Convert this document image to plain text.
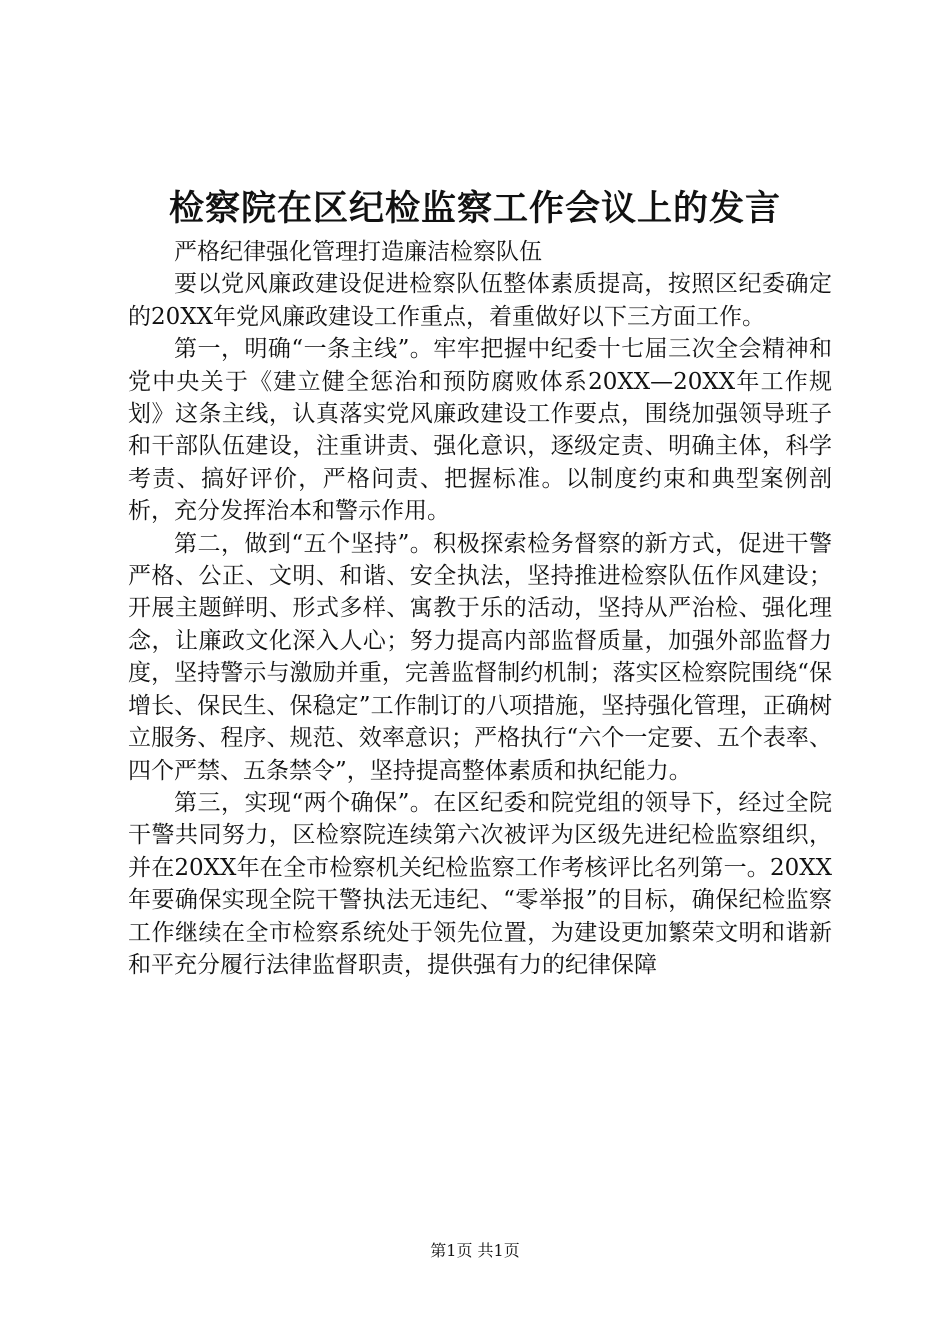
检察院在区纪检监察工作会议上的发言

严格纪律强化管理打造廉洁检察队伍

要以党风廉政建设促进检察队伍整体素质提高，按照区纪委确定的20XX年党风廉政建设工作重点，着重做好以下三方面工作。

第一，明确“一条主线”。牢牢把握中纪委十七届三次全会精神和党中央关于《建立健全惩治和预防腐败体系20XX—20XX年工作规划》这条主线，认真落实党风廉政建设工作要点，围绕加强领导班子和干部队伍建设，注重讲责、强化意识，逐级定责、明确主体，科学考责、搞好评价，严格问责、把握标准。以制度约束和典型案例剖析，充分发挥治本和警示作用。

第二，做到“五个坚持”。积极探索检务督察的新方式，促进干警严格、公正、文明、和谐、安全执法，坚持推进检察队伍作风建设；开展主题鲜明、形式多样、寓教于乐的活动，坚持从严治检、强化理念，让廉政文化深入人心；努力提高内部监督质量，加强外部监督力度，坚持警示与激励并重，完善监督制约机制；落实区检察院围绕“保增长、保民生、保稳定”工作制订的八项措施，坚持强化管理，正确树立服务、程序、规范、效率意识；严格执行“六个一定要、五个表率、四个严禁、五条禁令”，坚持提高整体素质和执纪能力。

第三，实现“两个确保”。在区纪委和院党组的领导下，经过全院干警共同努力，区检察院连续第六次被评为区级先进纪检监察组织，并在20XX年在全市检察机关纪检监察工作考核评比名列第一。20XX年要确保实现全院干警执法无违纪、“零举报”的目标，确保纪检监察工作继续在全市检察系统处于领先位置，为建设更加繁荣文明和谐新和平充分履行法律监督职责，提供强有力的纪律保障

第1页 共1页
